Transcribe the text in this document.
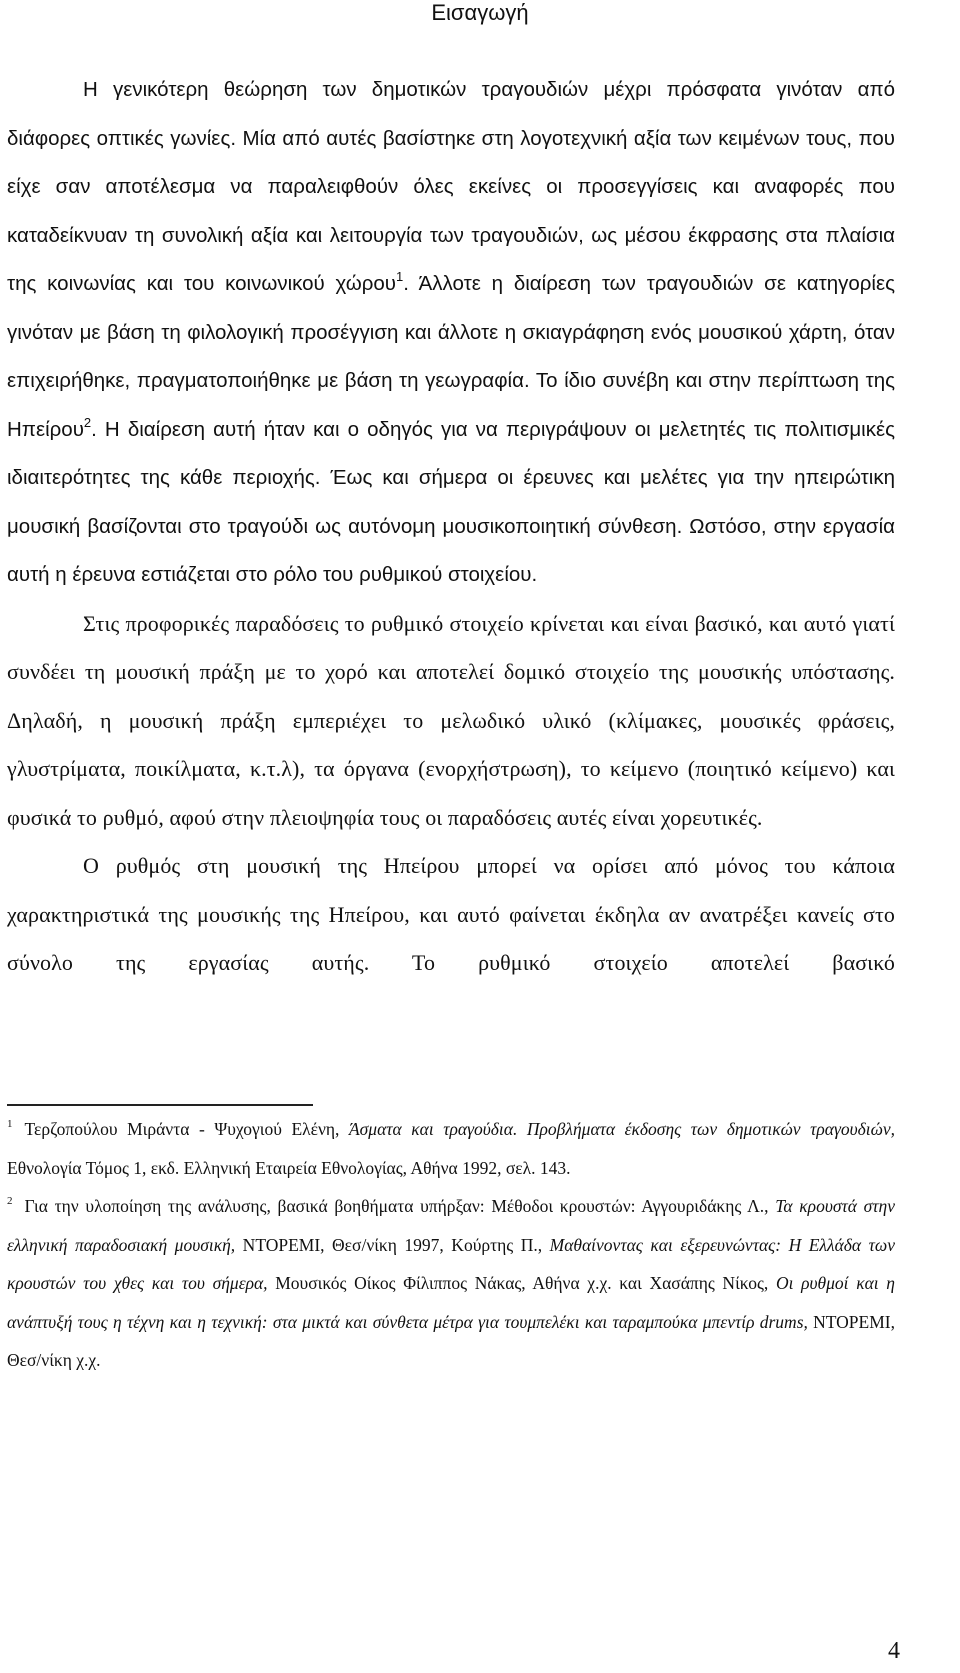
Εισαγωγή

Η γενικότερη θεώρηση των δημοτικών τραγουδιών μέχρι πρόσφατα γινόταν από διάφορες οπτικές γωνίες. Μία από αυτές βασίστηκε στη λογοτεχνική αξία των κειμένων τους, που είχε σαν αποτέλεσμα να παραλειφθούν όλες εκείνες οι προσεγγίσεις και αναφορές που καταδείκνυαν τη συνολική αξία και λειτουργία των τραγουδιών, ως μέσου έκφρασης στα πλαίσια της κοινωνίας και του κοινωνικού χώρου$^1$. Άλλοτε η διαίρεση των τραγουδιών σε κατηγορίες γινόταν με βάση τη φιλολογική προσέγγιση και άλλοτε η σκιαγράφηση ενός μουσικού χάρτη, όταν επιχειρήθηκε, πραγματοποιήθηκε με βάση τη γεωγραφία. Το ίδιο συνέβη και στην περίπτωση της Ηπείρου$^2$. Η διαίρεση αυτή ήταν και ο οδηγός για να περιγράψουν οι μελετητές τις πολιτισμικές ιδιαιτερότητες της κάθε περιοχής. Έως και σήμερα οι έρευνες και μελέτες για την ηπειρώτικη μουσική βασίζονται στο τραγούδι ως αυτόνομη μουσικοποιητική σύνθεση. Ωστόσο, στην εργασία αυτή η έρευνα εστιάζεται στο ρόλο του ρυθμικού στοιχείου.

Στις προφορικές παραδόσεις το ρυθμικό στοιχείο κρίνεται και είναι βασικό, και αυτό γιατί συνδέει τη μουσική πράξη με το χορό και αποτελεί δομικό στοιχείο της μουσικής υπόστασης. Δηλαδή, η μουσική πράξη εμπεριέχει το μελωδικό υλικό (κλίμακες, μουσικές φράσεις, γλυστρίματα, ποικίλματα, κ.τ.λ), τα όργανα (ενορχήστρωση), το κείμενο (ποιητικό κείμενο) και φυσικά το ρυθμό, αφού στην πλειοψηφία τους οι παραδόσεις αυτές είναι χορευτικές.

Ο ρυθμός στη μουσική της Ηπείρου μπορεί να ορίσει από μόνος του κάποια χαρακτηριστικά της μουσικής της Ηπείρου, και αυτό φαίνεται έκδηλα αν ανατρέξει κανείς στο σύνολο της εργασίας αυτής. Το ρυθμικό στοιχείο αποτελεί βασικό

$^1$ Τερζοπούλου Μιράντα - Ψυχογιού Ελένη, Άσματα και τραγούδια. Προβλήματα έκδοσης των δημοτικών τραγουδιών, Εθνολογία Τόμος 1, εκδ. Ελληνική Εταιρεία Εθνολογίας, Αθήνα 1992, σελ. 143.

$^2$ Για την υλοποίηση της ανάλυσης, βασικά βοηθήματα υπήρξαν: Μέθοδοι κρουστών: Αγγουριδάκης Λ., Τα κρουστά στην ελληνική παραδοσιακή μουσική, ΝΤΟΡΕΜΙ, Θεσ/νίκη 1997, Κούρτης Π., Μαθαίνοντας και εξερευνώντας: Η Ελλάδα των κρουστών του χθες και του σήμερα, Μουσικός Οίκος Φίλιππος Νάκας, Αθήνα χ.χ. και Χασάπης Νίκος, Οι ρυθμοί και η ανάπτυξή τους η τέχνη και η τεχνική: στα μικτά και σύνθετα μέτρα για τουμπελέκι και ταραμπούκα μπεντίρ drums, ΝΤΟΡΕΜΙ, Θεσ/νίκη χ.χ.

4
